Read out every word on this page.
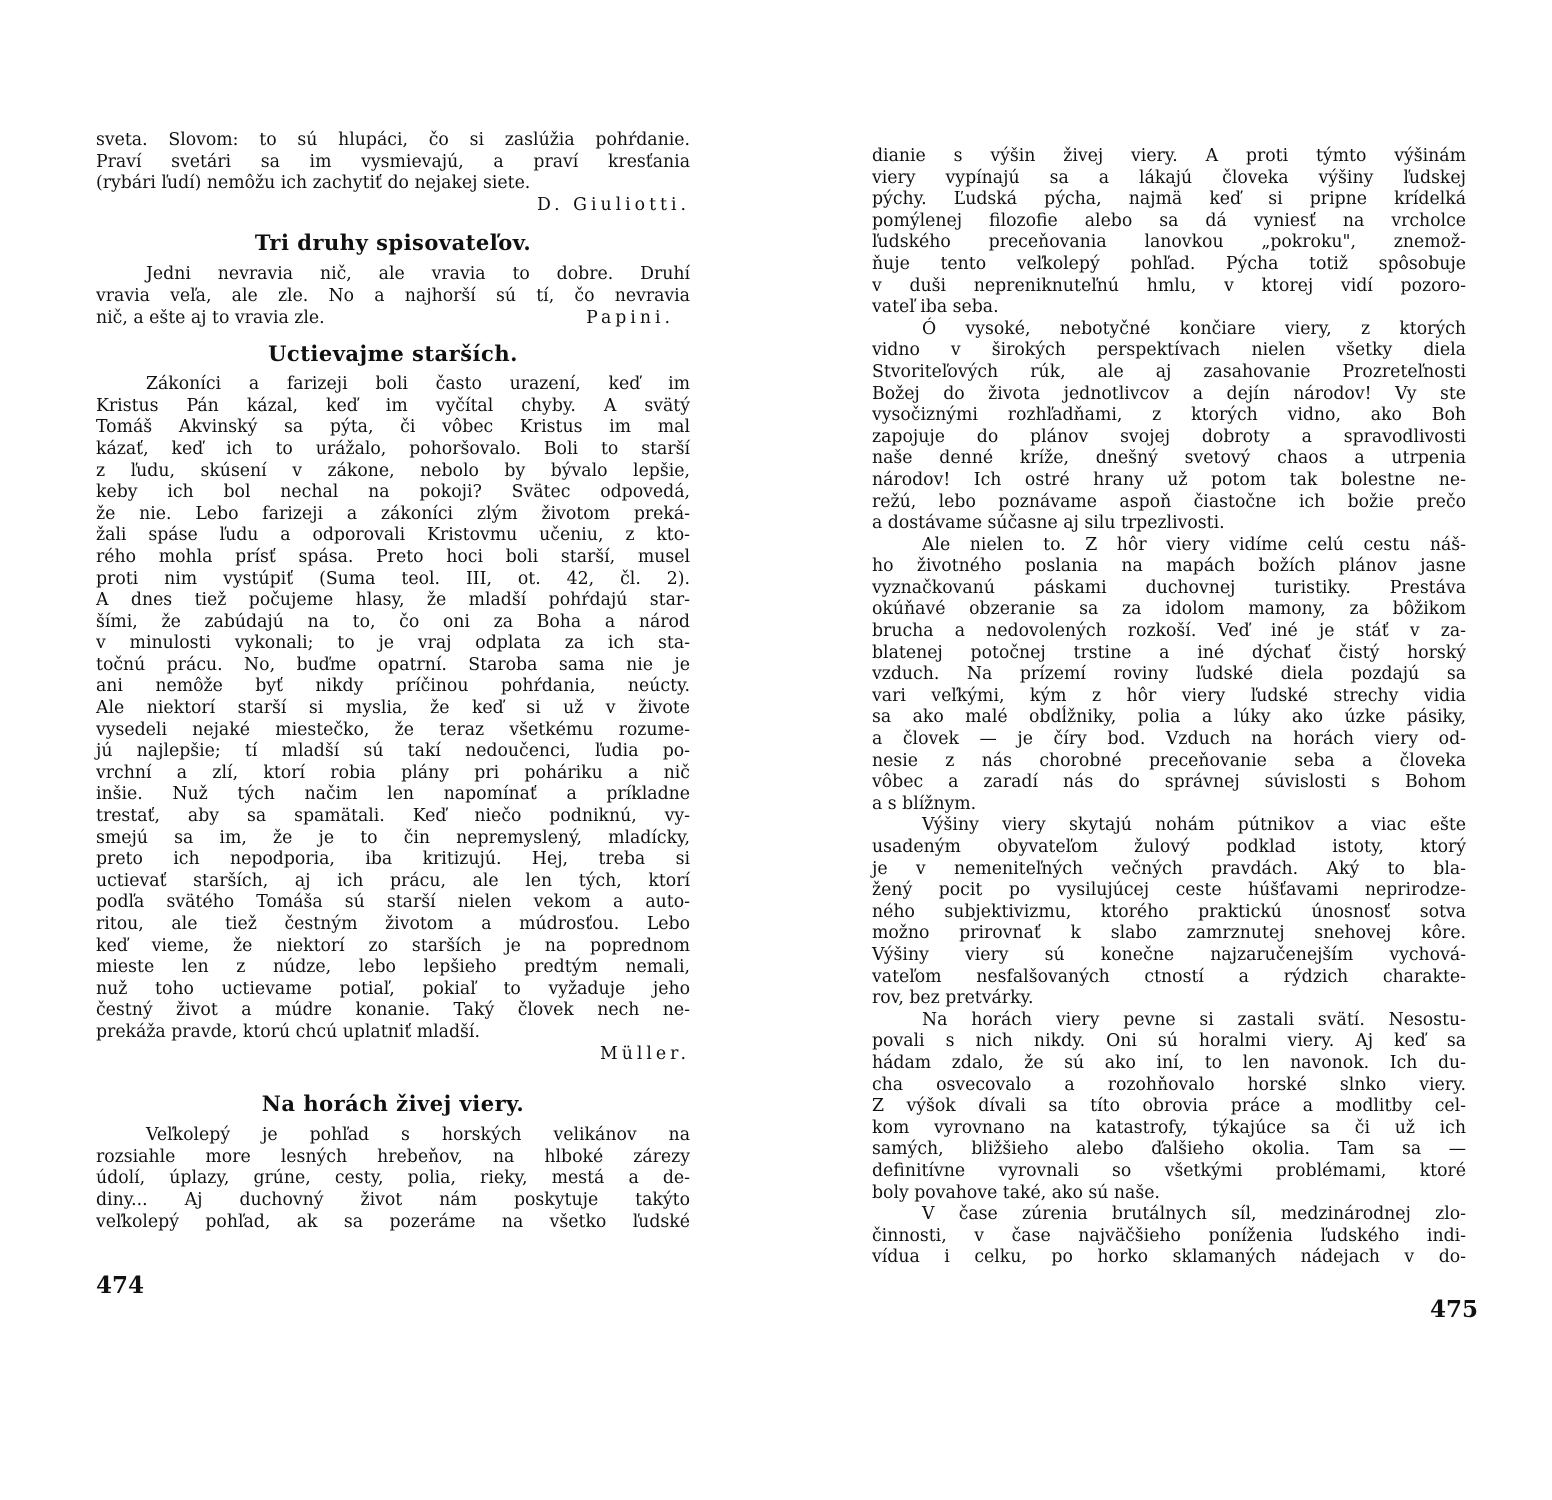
sveta. Slovom: to sú hlupáci, čo si zaslúžia pohŕdanie.
Praví svetári sa im vysmievajú, a praví kresťania
(rybári ľudí) nemôžu ich zachytiť do nejakej siete.
D. Giuliotti.
Tri druhy spisovateľov.
Jedni nevravia nič, ale vravia to dobre. Druhí
vravia veľa, ale zle. No a najhorší sú tí, čo nevravia
nič, a ešte aj to vravia zle.	Papini.
Uctievajme starších.
Zákoníci a farizeji boli často urazení, keď im
Kristus Pán kázal, keď im vyčítal chyby. A svätý
Tomáš Akvinský sa pýta, či vôbec Kristus im mal
kázať, keď ich to urážalo, pohoršovalo. Boli to starší
z ľudu, skúsení v zákone, nebolo by bývalo lepšie,
keby ich bol nechal na pokoji? Svätec odpovedá,
že nie. Lebo farizeji a zákoníci zlým životom preká-
žali spáse ľudu a odporovali Kristovmu učeniu, z kto-
rého mohla prísť spása. Preto hoci boli starší, musel
proti nim vystúpiť (Suma teol. III, ot. 42, čl. 2).
A dnes tiež počujeme hlasy, že mladší pohŕdajú star-
šími, že zabúdajú na to, čo oni za Boha a národ
v minulosti vykonali; to je vraj odplata za ich sta-
točnú prácu. No, buďme opatrní. Staroba sama nie je
ani nemôže byť nikdy príčinou pohŕdania, neúcty.
Ale niektorí starší si myslia, že keď si už v živote
vysedeli nejaké miestečko, že teraz všetkému rozume-
jú najlepšie; tí mladší sú takí nedoučenci, ľudia po-
vrchní a zlí, ktorí robia plány pri poháriku a nič
inšie. Nuž tých načim len napomínať a príkladne
trestať, aby sa spamätali. Keď niečo podniknú, vy-
smejú sa im, že je to čin nepremyslený, mladícky,
preto ich nepodporia, iba kritizujú. Hej, treba si
uctievať starších, aj ich prácu, ale len tých, ktorí
podľa svätého Tomáša sú starší nielen vekom a auto-
ritou, ale tiež čestným životom a múdrosťou. Lebo
keď vieme, že niektorí zo starších je na poprednom
mieste len z núdze, lebo lepšieho predtým nemali,
nuž toho uctievame potiaľ, pokiaľ to vyžaduje jeho
čestný život a múdre konanie. Taký človek nech ne-
prekáža pravde, ktorú chcú uplatniť mladší.
Müller.
Na horách živej viery.
Veľkolepý je pohľad s horských velikánov na
rozsiahle more lesných hrebeňov, na hlboké zárezy
údolí, úplazy, grúne, cesty, polia, rieky, mestá a de-
diny... Aj duchovný život nám poskytuje takýto
veľkolepý pohľad, ak sa pozeráme na všetko ľudské
474
dianie s výšin živej viery. A proti týmto výšinám
viery vypínajú sa a lákajú človeka výšiny ľudskej
pýchy. Ľudská pýcha, najmä keď si pripne krídelká
pomýlenej filozofie alebo sa dá vyniesť na vrcholce
ľudského preceňovania lanovkou „pokroku", znemož-
ňuje tento veľkolepý pohľad. Pýcha totiž spôsobuje
v duši nepreniknuteľnú hmlu, v ktorej vidí pozoro-
vateľ iba seba.
Ó vysoké, nebotyčné končiare viery, z ktorých
vidno v širokých perspektívach nielen všetky diela
Stvoriteľových rúk, ale aj zasahovanie Prozreteľnosti
Božej do života jednotlivcov a dejín národov! Vy ste
vysočiznými rozhľadňami, z ktorých vidno, ako Boh
zapojuje do plánov svojej dobroty a spravodlivosti
naše denné kríže, dnešný svetový chaos a utrpenia
národov! Ich ostré hrany už potom tak bolestne ne-
režú, lebo poznávame aspoň čiastočne ich božie prečo
a dostávame súčasne aj silu trpezlivosti.
Ale nielen to. Z hôr viery vidíme celú cestu náš-
ho životného poslania na mapách božích plánov jasne
vyznačkovanú páskami duchovnej turistiky. Prestáva
okúňavé obzeranie sa za idolom mamony, za bôžikom
brucha a nedovolených rozkoší. Veď iné je stáť v za-
blatenej potočnej trstine a iné dýchať čistý horský
vzduch. Na prízemí roviny ľudské diela pozdajú sa
vari veľkými, kým z hôr viery ľudské strechy vidia
sa ako malé obdĺžniky, polia a lúky ako úzke pásiky,
a človek — je číry bod. Vzduch na horách viery od-
nesie z nás chorobné preceňovanie seba a človeka
vôbec a zaradí nás do správnej súvislosti s Bohom
a s blížnym.
Výšiny viery skytajú nohám pútnikov a viac ešte
usadeným obyvateľom žulový podklad istoty, ktorý
je v nemeniteľných večných pravdách. Aký to bla-
žený pocit po vysilujúcej ceste húšťavami neprirodze-
ného subjektivizmu, ktorého praktickú únosnosť sotva
možno prirovnať k slabo zamrznutej snehovej kôre.
Výšiny viery sú konečne najzaručenejším vychová-
vateľom nesfalšovaných ctností a rýdzich charakte-
rov, bez pretvárky.
Na horách viery pevne si zastali svätí. Nesostu-
povali s nich nikdy. Oni sú horalmi viery. Aj keď sa
hádam zdalo, že sú ako iní, to len navonok. Ich du-
cha osvecovalo a rozohňovalo horské slnko viery.
Z výšok dívali sa títo obrovia práce a modlitby cel-
kom vyrovnano na katastrofy, týkajúce sa či už ich
samých, bližšieho alebo ďalšieho okolia. Tam sa —
definitívne vyrovnali so všetkými problémami, ktoré
boly povahove také, ako sú naše.
V čase zúrenia brutálnych síl, medzinárodnej zlo-
činnosti, v čase najväčšieho poníženia ľudského indi-
vídua i celku, po horko sklamaných nádejach v do-
475
